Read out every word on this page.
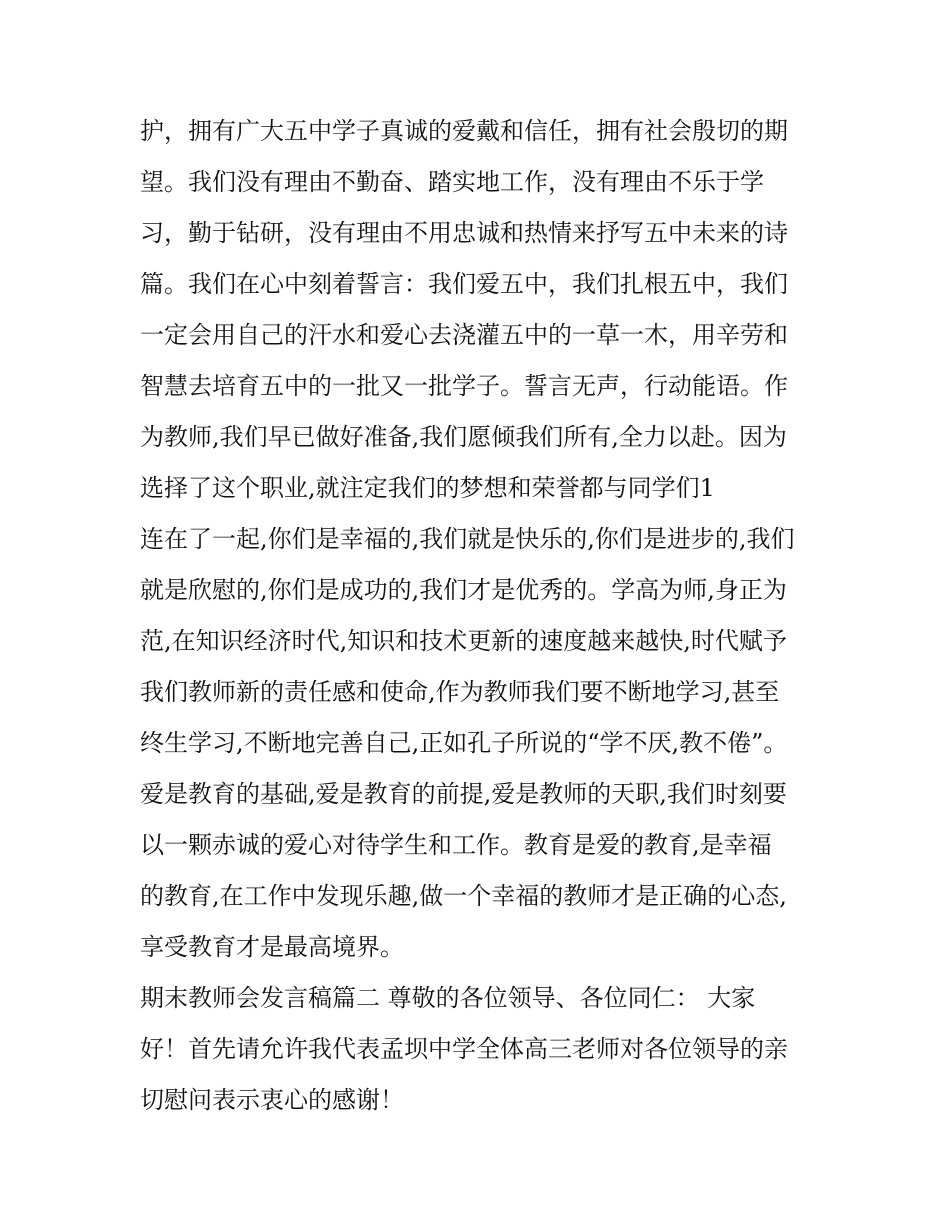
护，拥有广大五中学子真诚的爱戴和信任，拥有社会殷切的期
望。我们没有理由不勤奋、踏实地工作，没有理由不乐于学
习，勤于钻研，没有理由不用忠诚和热情来抒写五中未来的诗
篇。我们在心中刻着誓言：我们爱五中，我们扎根五中，我们
一定会用自己的汗水和爱心去浇灌五中的一草一木，用辛劳和
智慧去培育五中的一批又一批学子。誓言无声，行动能语。作
为教师,我们早已做好准备,我们愿倾我们所有,全力以赴。因为
选择了这个职业,就注定我们的梦想和荣誉都与同学们1
连在了一起,你们是幸福的,我们就是快乐的,你们是进步的,我们
就是欣慰的,你们是成功的,我们才是优秀的。学高为师,身正为
范,在知识经济时代,知识和技术更新的速度越来越快,时代赋予
我们教师新的责任感和使命,作为教师我们要不断地学习,甚至
终生学习,不断地完善自己,正如孔子所说的“学不厌,教不倦”。
爱是教育的基础,爱是教育的前提,爱是教师的天职,我们时刻要
以一颗赤诚的爱心对待学生和工作。教育是爱的教育,是幸福
的教育,在工作中发现乐趣,做一个幸福的教师才是正确的心态,
享受教育才是最高境界。
期末教师会发言稿篇二 尊敬的各位领导、各位同仁： 大家
好！首先请允许我代表孟坝中学全体高三老师对各位领导的亲
切慰问表示衷心的感谢！
